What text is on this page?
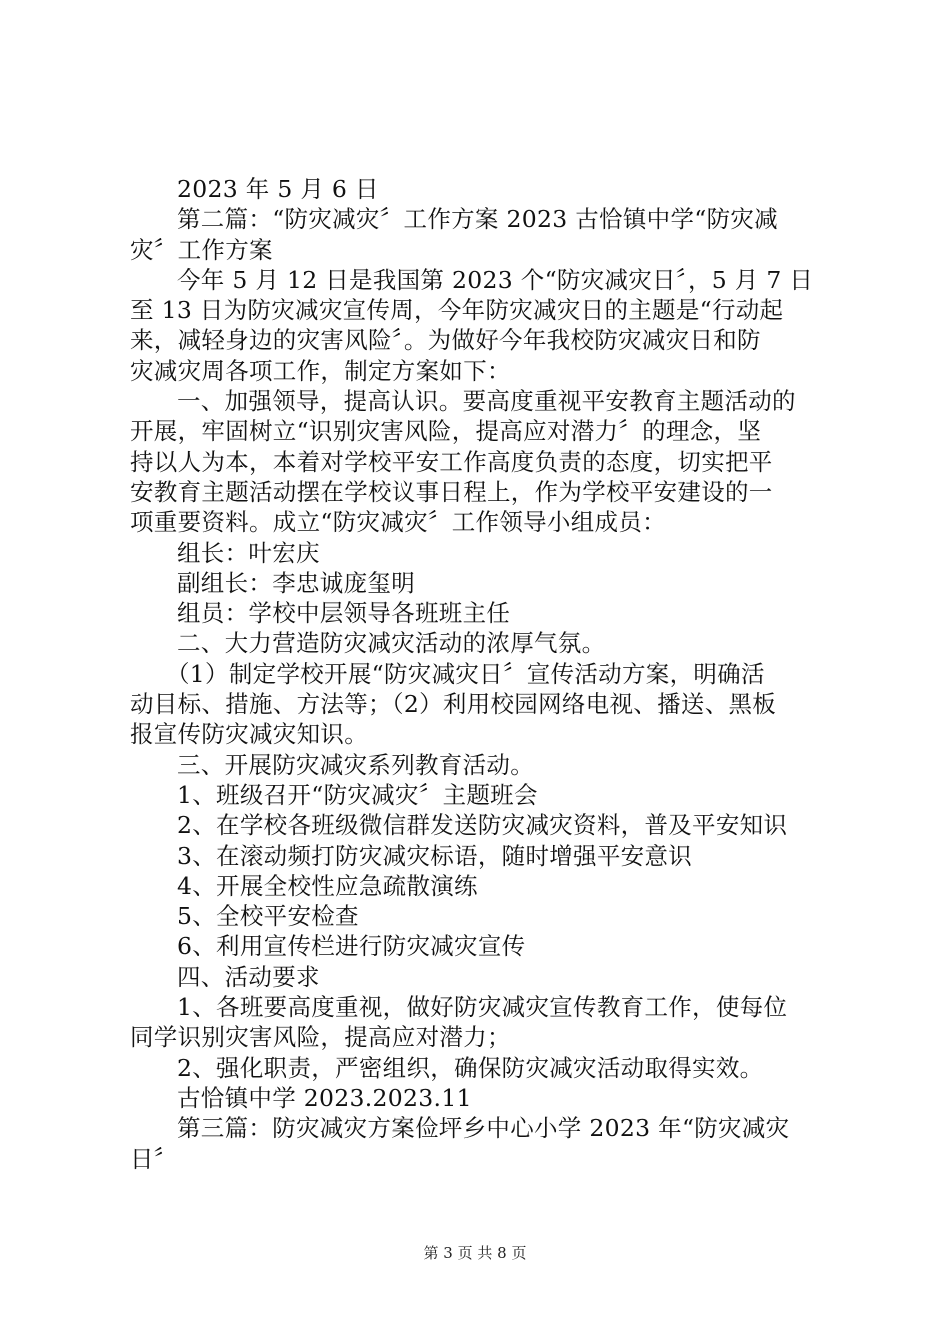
2023 年 5 月 6 日
第二篇：“防灾减灾〞工作方案 2023 古恰镇中学“防灾减
灾〞工作方案
今年 5 月 12 日是我国第 2023 个“防灾减灾日〞，5 月 7 日
至 13 日为防灾减灾宣传周，今年防灾减灾日的主题是“行动起
来，减轻身边的灾害风险〞。为做好今年我校防灾减灾日和防
灾减灾周各项工作，制定方案如下：
一、加强领导，提高认识。要高度重视平安教育主题活动的
开展，牢固树立“识别灾害风险，提高应对潜力〞的理念，坚
持以人为本，本着对学校平安工作高度负责的态度，切实把平
安教育主题活动摆在学校议事日程上，作为学校平安建设的一
项重要资料。成立“防灾减灾〞工作领导小组成员：
组长：叶宏庆
副组长：李忠诚庞玺明
组员：学校中层领导各班班主任
二、大力营造防灾减灾活动的浓厚气氛。
（1）制定学校开展“防灾减灾日〞宣传活动方案，明确活
动目标、措施、方法等；（2）利用校园网络电视、播送、黑板
报宣传防灾减灾知识。
三、开展防灾减灾系列教育活动。
1、班级召开“防灾减灾〞主题班会
2、在学校各班级微信群发送防灾减灾资料，普及平安知识
3、在滚动频打防灾减灾标语，随时增强平安意识
4、开展全校性应急疏散演练
5、全校平安检查
6、利用宣传栏进行防灾减灾宣传
四、活动要求
1、各班要高度重视，做好防灾减灾宣传教育工作，使每位
同学识别灾害风险，提高应对潜力；
2、强化职责，严密组织，确保防灾减灾活动取得实效。
古恰镇中学 2023.2023.11
第三篇：防灾减灾方案俭坪乡中心小学 2023 年“防灾减灾
日〞
第 3 页 共 8 页
